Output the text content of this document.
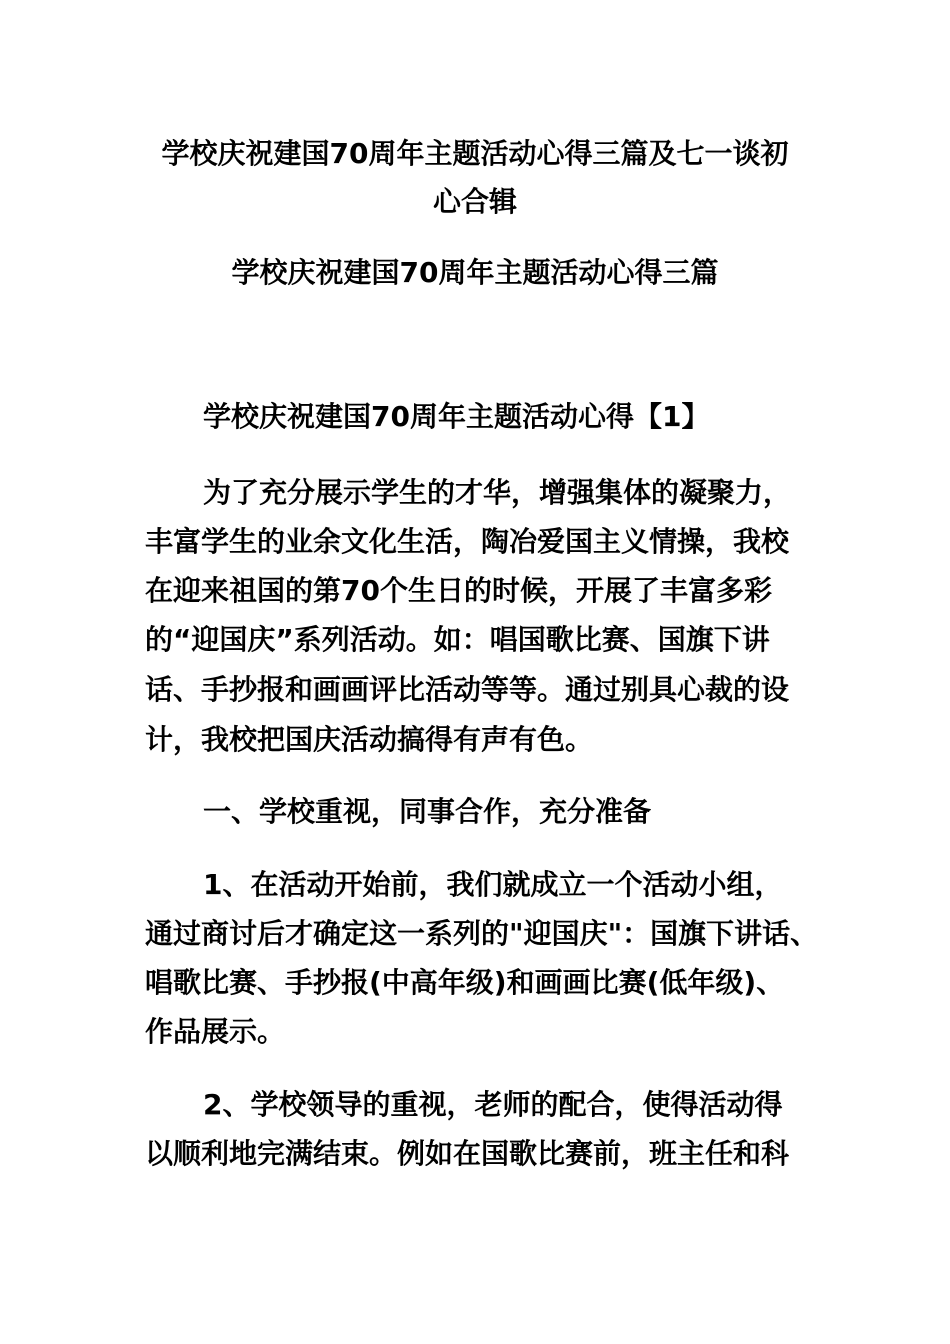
学校庆祝建国70周年主题活动心得三篇及七一谈初
心合辑
学校庆祝建国70周年主题活动心得三篇
学校庆祝建国70周年主题活动心得【1】
为了充分展示学生的才华，增强集体的凝聚力，
丰富学生的业余文化生活，陶冶爱国主义情操，我校
在迎来祖国的第70个生日的时候，开展了丰富多彩
的“迎国庆”系列活动。如：唱国歌比赛、国旗下讲
话、手抄报和画画评比活动等等。通过别具心裁的设
计，我校把国庆活动搞得有声有色。
一、学校重视，同事合作，充分准备
1、在活动开始前，我们就成立一个活动小组，
通过商讨后才确定这一系列的"迎国庆"：国旗下讲话、
唱歌比赛、手抄报(中高年级)和画画比赛(低年级)、
作品展示。
2、学校领导的重视，老师的配合，使得活动得
以顺利地完满结束。例如在国歌比赛前，班主任和科
